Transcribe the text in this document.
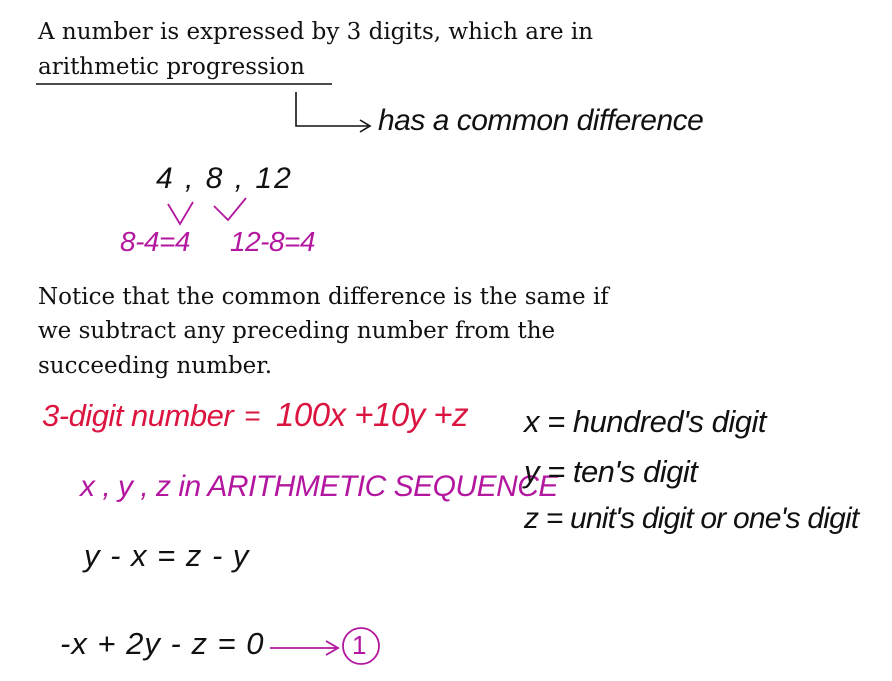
A number is expressed by 3 digits, which are in

arithmetic progression

has a common difference
4 , 8 , 12
8-4=4 12-8=4

Notice that the common difference is the same if

we subtract any preceding number from the

succeeding number.

3-digit number = 100x +10y +z
x , y , z in ARITHMETIC SEQUENCE
y - x = z - y
-x + 2y - z = 0	1
x = hundred's digit
y = ten's digit
z = unit's digit or one's digit
